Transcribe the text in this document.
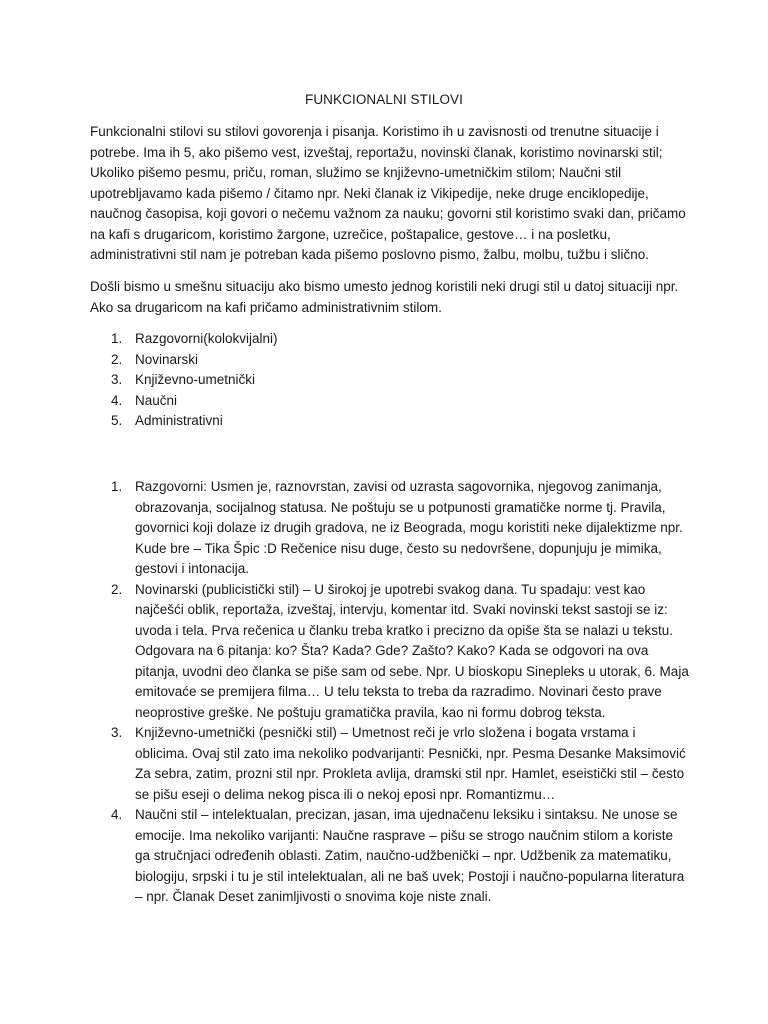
FUNKCIONALNI STILOVI

Funkcionalni stilovi su stilovi govorenja i pisanja. Koristimo ih u zavisnosti od trenutne situacije i potrebe. Ima ih 5, ako pišemo vest, izveštaj, reportažu, novinski članak, koristimo novinarski stil; Ukoliko pišemo pesmu, priču, roman, služimo se književno-umetničkim stilom; Naučni stil upotrebljavamo kada pišemo / čitamo npr. Neki članak iz Vikipedije, neke druge enciklopedije, naučnog časopisa, koji govori o nečemu važnom za nauku; govorni stil koristimo svaki dan, pričamo na kafi s drugaricom, koristimo žargone, uzrečice, poštapalice, gestove… i na posletku, administrativni stil nam je potreban kada pišemo poslovno pismo, žalbu, molbu, tužbu i slično.

Došli bismo u smešnu situaciju ako bismo umesto jednog koristili neki drugi stil u datoj situaciji npr. Ako sa drugaricom na kafi pričamo administrativnim stilom.

1. Razgovorni(kolokvijalni)
2. Novinarski
3. Književno-umetnički
4. Naučni
5. Administrativni
1. Razgovorni: Usmen je, raznovrstan, zavisi od uzrasta sagovornika, njegovog zanimanja, obrazovanja, socijalnog statusa. Ne poštuju se u potpunosti gramatičke norme tj. Pravila, govornici koji dolaze iz drugih gradova, ne iz Beograda, mogu koristiti neke dijalektizme npr. Kude bre – Tika Špic :D Rečenice nisu duge, često su nedovršene, dopunjuju je mimika, gestovi i intonacija.
2. Novinarski (publicistički stil) – U širokoj je upotrebi svakog dana. Tu spadaju: vest kao najčešći oblik, reportaža, izveštaj, intervju, komentar itd. Svaki novinski tekst sastoji se iz: uvoda i tela. Prva rečenica u članku treba kratko i precizno da opiše šta se nalazi u tekstu. Odgovara na 6 pitanja: ko? Šta? Kada? Gde? Zašto? Kako? Kada se odgovori na ova pitanja, uvodni deo članka se piše sam od sebe. Npr. U bioskopu Sinepleks u utorak, 6. Maja emitovaće se premijera filma… U telu teksta to treba da razradimo. Novinari često prave neoprostive greške. Ne poštuju gramatička pravila, kao ni formu dobrog teksta.
3. Književno-umetnički (pesnički stil) – Umetnost reči je vrlo složena i bogata vrstama i oblicima. Ovaj stil zato ima nekoliko podvarijanti: Pesnički, npr. Pesma Desanke Maksimović Za sebra, zatim, prozni stil npr. Prokleta avlija, dramski stil npr. Hamlet, eseistički stil – često se pišu eseji o delima nekog pisca ili o nekoj eposi npr. Romantizmu…
4. Naučni stil – intelektualan, precizan, jasan, ima ujednačenu leksiku i sintaksu. Ne unose se emocije. Ima nekoliko varijanti: Naučne rasprave – pišu se strogo naučnim stilom a koriste ga stručnjaci određenih oblasti. Zatim, naučno-udžbenički – npr. Udžbenik za matematiku, biologiju, srpski i tu je stil intelektualan, ali ne baš uvek; Postoji i naučno-popularna literatura – npr. Članak Deset zanimljivosti o snovima koje niste znali.
